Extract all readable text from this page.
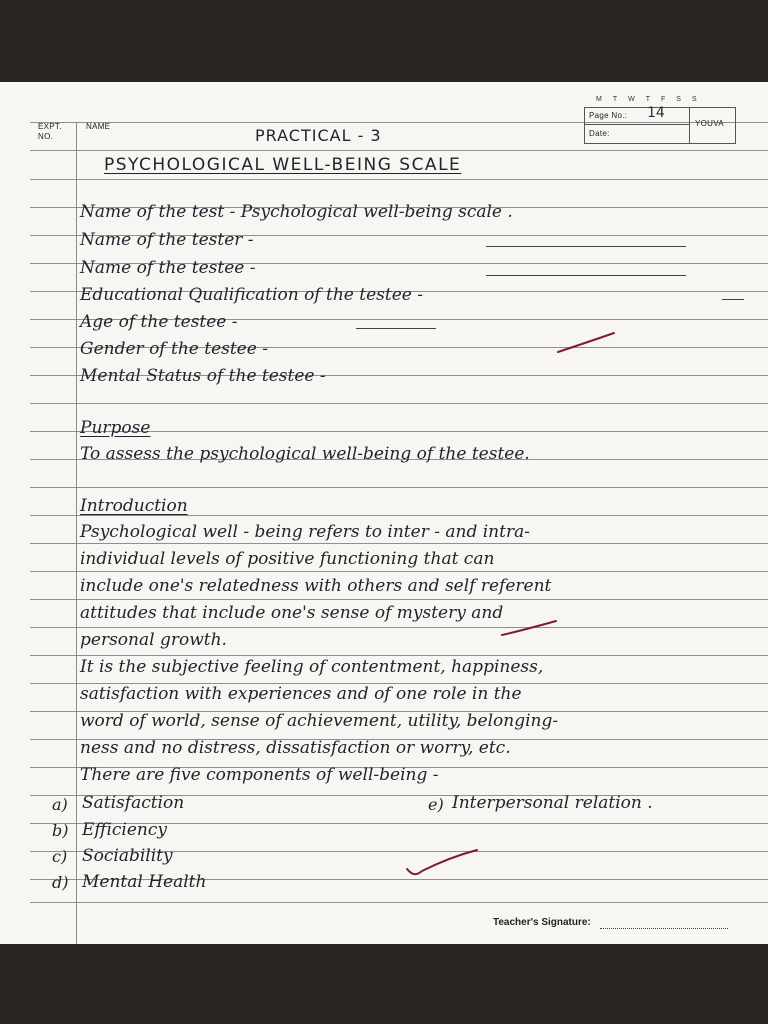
M T W T F S S
Page No.: 14
Date:
YOUVA
EXPT. NO.
NAME	PRACTICAL - 3
PSYCHOLOGICAL WELL-BEING SCALE
Name of the test - Psychological well-being scale .
Name of the tester -
Name of the testee -
Educational Qualification of the testee -
Age of the testee -
Gender of the testee -
Mental Status of the testee -
Purpose
To assess the psychological well-being of the testee.
Introduction
Psychological well - being refers to inter - and intra-
individual levels of positive functioning that can
include one's relatedness with others and self referent
attitudes that include one's sense of mystery and
personal growth.
It is the subjective feeling of contentment, happiness,
satisfaction with experiences and of one role in the
word of world, sense of achievement, utility, belonging-
ness and no distress, dissatisfaction or worry, etc.
There are five components of well-being -
a) Satisfaction
b) Efficiency
c) Sociability
d) Mental Health
e) Interpersonal relation .
Teacher's Signature:
